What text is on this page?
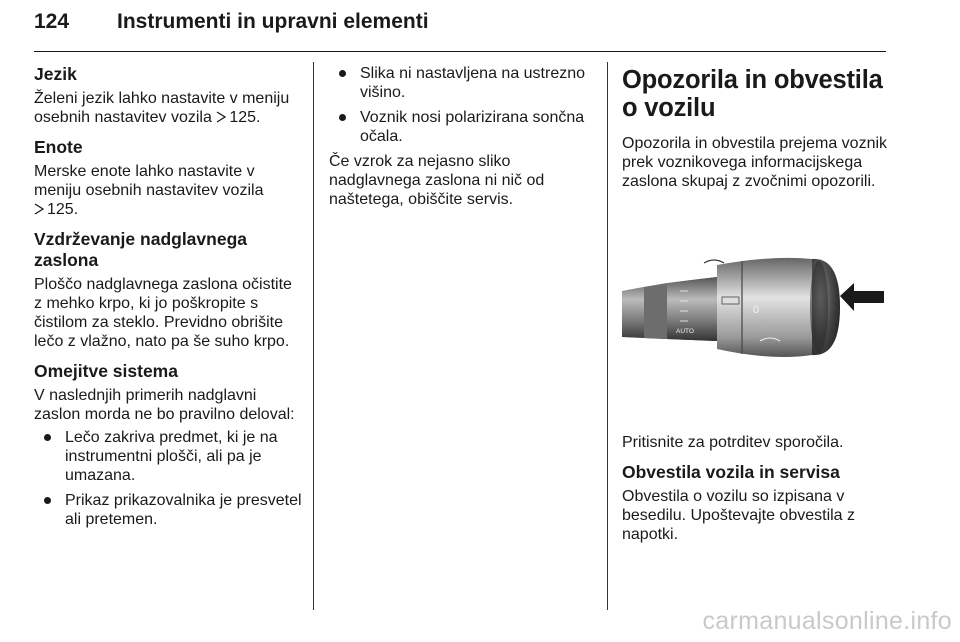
124 Instrumenti in upravni elementi
Jezik
Želeni jezik lahko nastavite v meniju osebnih nastavitev vozila 125.
Enote
Merske enote lahko nastavite v meniju osebnih nastavitev vozila
125.
Vzdrževanje nadglavnega zaslona
Ploščo nadglavnega zaslona očistite z mehko krpo, ki jo poškropite s čistilom za steklo. Previdno obrišite lečo z vlažno, nato pa še suho krpo.
Omejitve sistema
V naslednjih primerih nadglavni zaslon morda ne bo pravilno deloval:
Lečo zakriva predmet, ki je na instrumentni plošči, ali pa je umazana.
Prikaz prikazovalnika je presvetel ali pretemen.
Slika ni nastavljena na ustrezno višino.
Voznik nosi polarizirana sončna očala.
Če vzrok za nejasno sliko nadglavnega zaslona ni nič od naštetega, obiščite servis.
Opozorila in obvestila o vozilu
Opozorila in obvestila prejema voznik prek voznikovega informacijskega zaslona skupaj z zvočnimi opozorili.
AUTO
0
Pritisnite za potrditev sporočila.
Obvestila vozila in servisa
Obvestila o vozilu so izpisana v besedilu. Upoštevajte obvestila z napotki.
carmanualsonline.info
